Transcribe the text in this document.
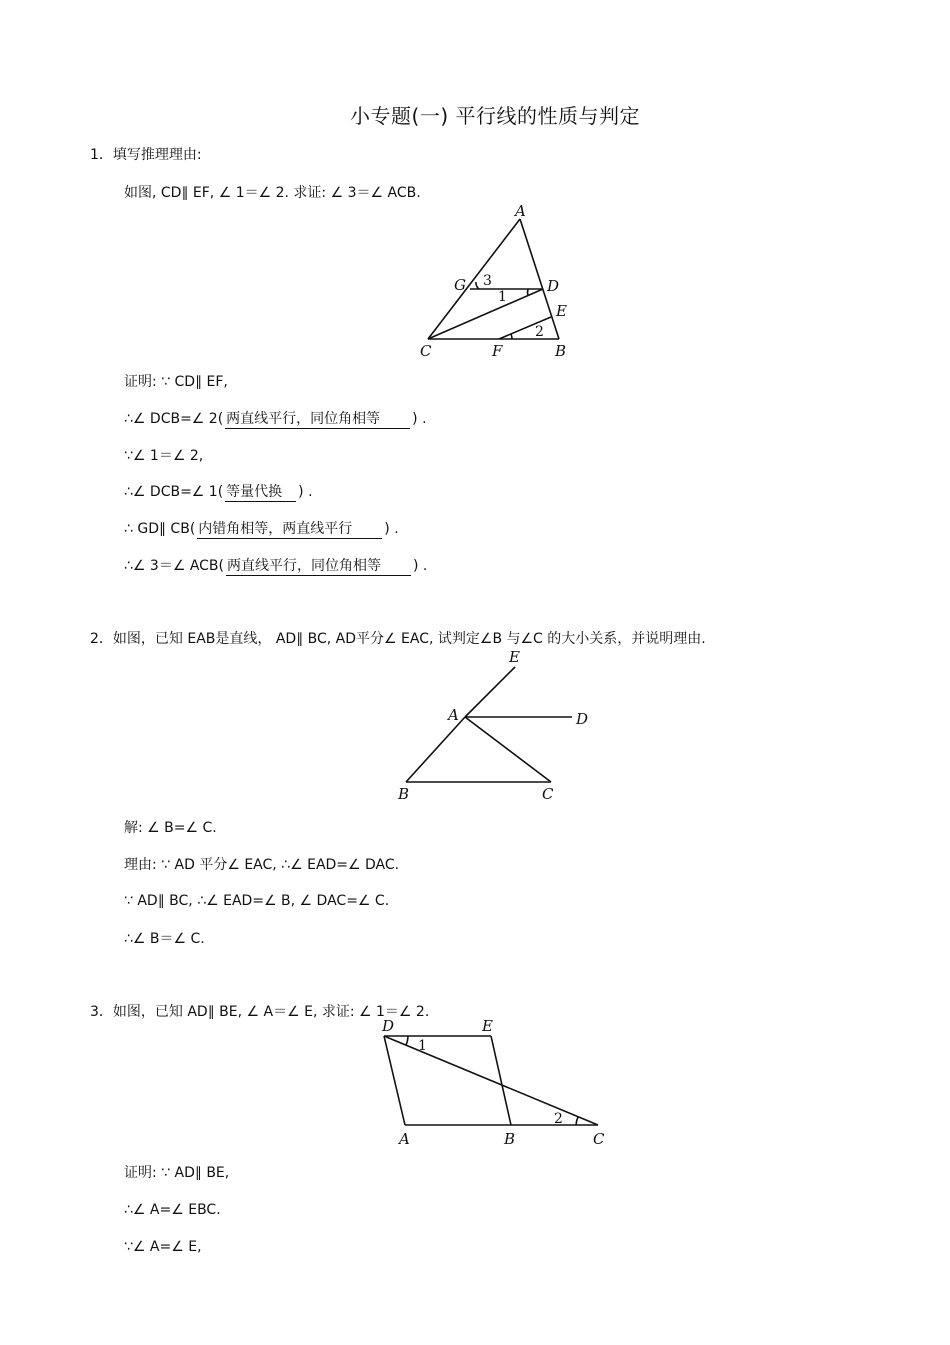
小专题(一) 平行线的性质与判定
1．填写推理理由:
如图, CD∥ EF, ∠ 1＝∠ 2. 求证: ∠ 3＝∠ ACB.
A
G	D
E
C	F	B
3
1
2
证明: ∵ CD∥ EF,
∴∠ DCB=∠ 2( 两直线平行，同位角相等 ) .
∵∠ 1＝∠ 2,
∴∠ DCB=∠ 1( 等量代换 ) .
∴ GD∥ CB( 内错角相等，两直线平行 ) .
∴∠ 3＝∠ ACB( 两直线平行，同位角相等 ) .
2．如图，已知 EAB是直线， AD∥ BC, AD平分∠ EAC, 试判定∠B 与∠C 的大小关系，并说明理由.
E
A	D
B	C
解: ∠ B=∠ C.
理由: ∵ AD 平分∠ EAC, ∴∠ EAD=∠ DAC.
∵ AD∥ BC, ∴∠ EAD=∠ B, ∠ DAC=∠ C.
∴∠ B＝∠ C.
3．如图，已知 AD∥ BE, ∠ A＝∠ E, 求证: ∠ 1＝∠ 2.
D	E
A	B	C
1
2
证明: ∵ AD∥ BE,
∴∠ A=∠ EBC.
∵∠ A=∠ E,
